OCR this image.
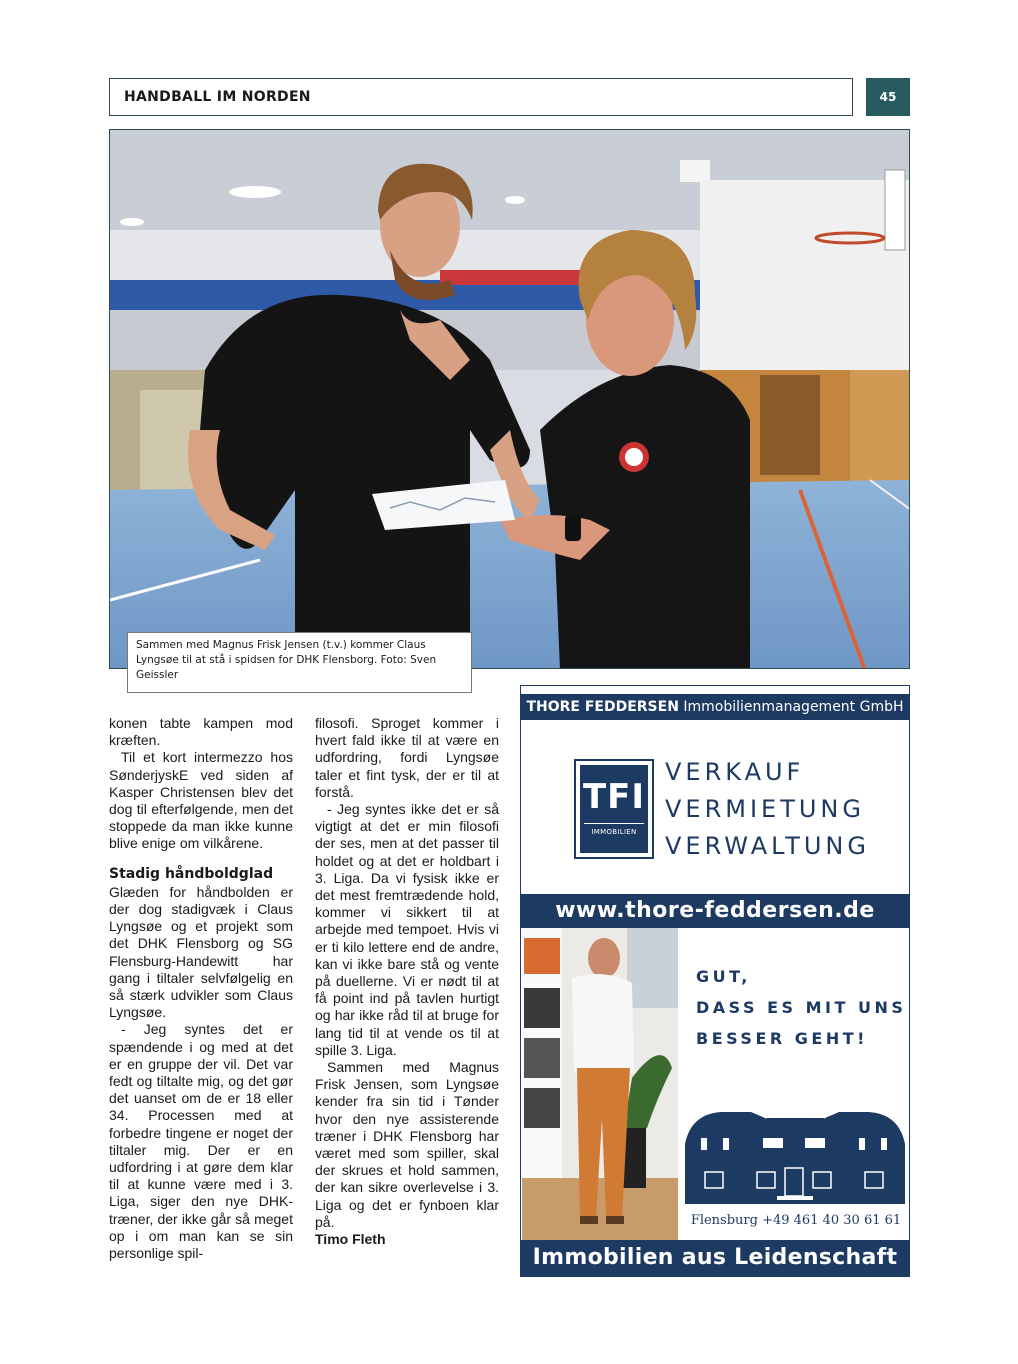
HANDBALL IM NORDEN	45
Sammen med Magnus Frisk Jensen (t.v.) kommer Claus Lyngsøe til at stå i spidsen for DHK Flensborg. Foto: Sven Geissler

konen tabte kampen mod kræften.

Til et kort intermezzo hos SønderjyskE ved siden af Kasper Christensen blev det dog til efterfølgende, men det stoppede da man ikke kunne blive enige om vilkårene.

Stadig håndboldglad

Glæden for håndbolden er der dog stadigvæk i Claus Lyngsøe og et projekt som det DHK Flensborg og SG Flensburg-Handewitt har gang i tiltaler selvfølgelig en så stærk udvikler som Claus Lyngsøe.

- Jeg syntes det er spændende i og med at det er en gruppe der vil. Det var fedt og tiltalte mig, og det gør det uanset om de er 18 eller 34. Processen med at forbedre tingene er noget der tiltaler mig. Der er en udfordring i at gøre dem klar til at kunne være med i 3. Liga, siger den nye DHK-træner, der ikke går så meget op i om man kan se sin personlige spil-

filosofi. Sproget kommer i hvert fald ikke til at være en udfordring, fordi Lyngsøe taler et fint tysk, der er til at forstå.

- Jeg syntes ikke det er så vigtigt at det er min filosofi der ses, men at det passer til holdet og at det er holdbart i 3. Liga. Da vi fysisk ikke er det mest fremtrædende hold, kommer vi sikkert til at arbejde med tempoet. Hvis vi er ti kilo lettere end de andre, kan vi ikke bare stå og vente på duellerne. Vi er nødt til at få point ind på tavlen hurtigt og har ikke råd til at bruge for lang tid til at vende os til at spille 3. Liga.

Sammen med Magnus Frisk Jensen, som Lyngsøe kender fra sin tid i Tønder hvor den nye assisterende træner i DHK Flensborg har været med som spiller, skal der skrues et hold sammen, der kan sikre overlevelse i 3. Liga og det er fynboen klar på.

Timo Fleth

THORE FEDDERSEN Immobilienmanagement GmbH
TFI
IMMOBILIEN
VERKAUF
VERMIETUNG
VERWALTUNG
www.thore-feddersen.de
GUT,
DASS ES MIT UNS
BESSER GEHT!
Flensburg +49 461 40 30 61 61
Immobilien aus Leidenschaft
